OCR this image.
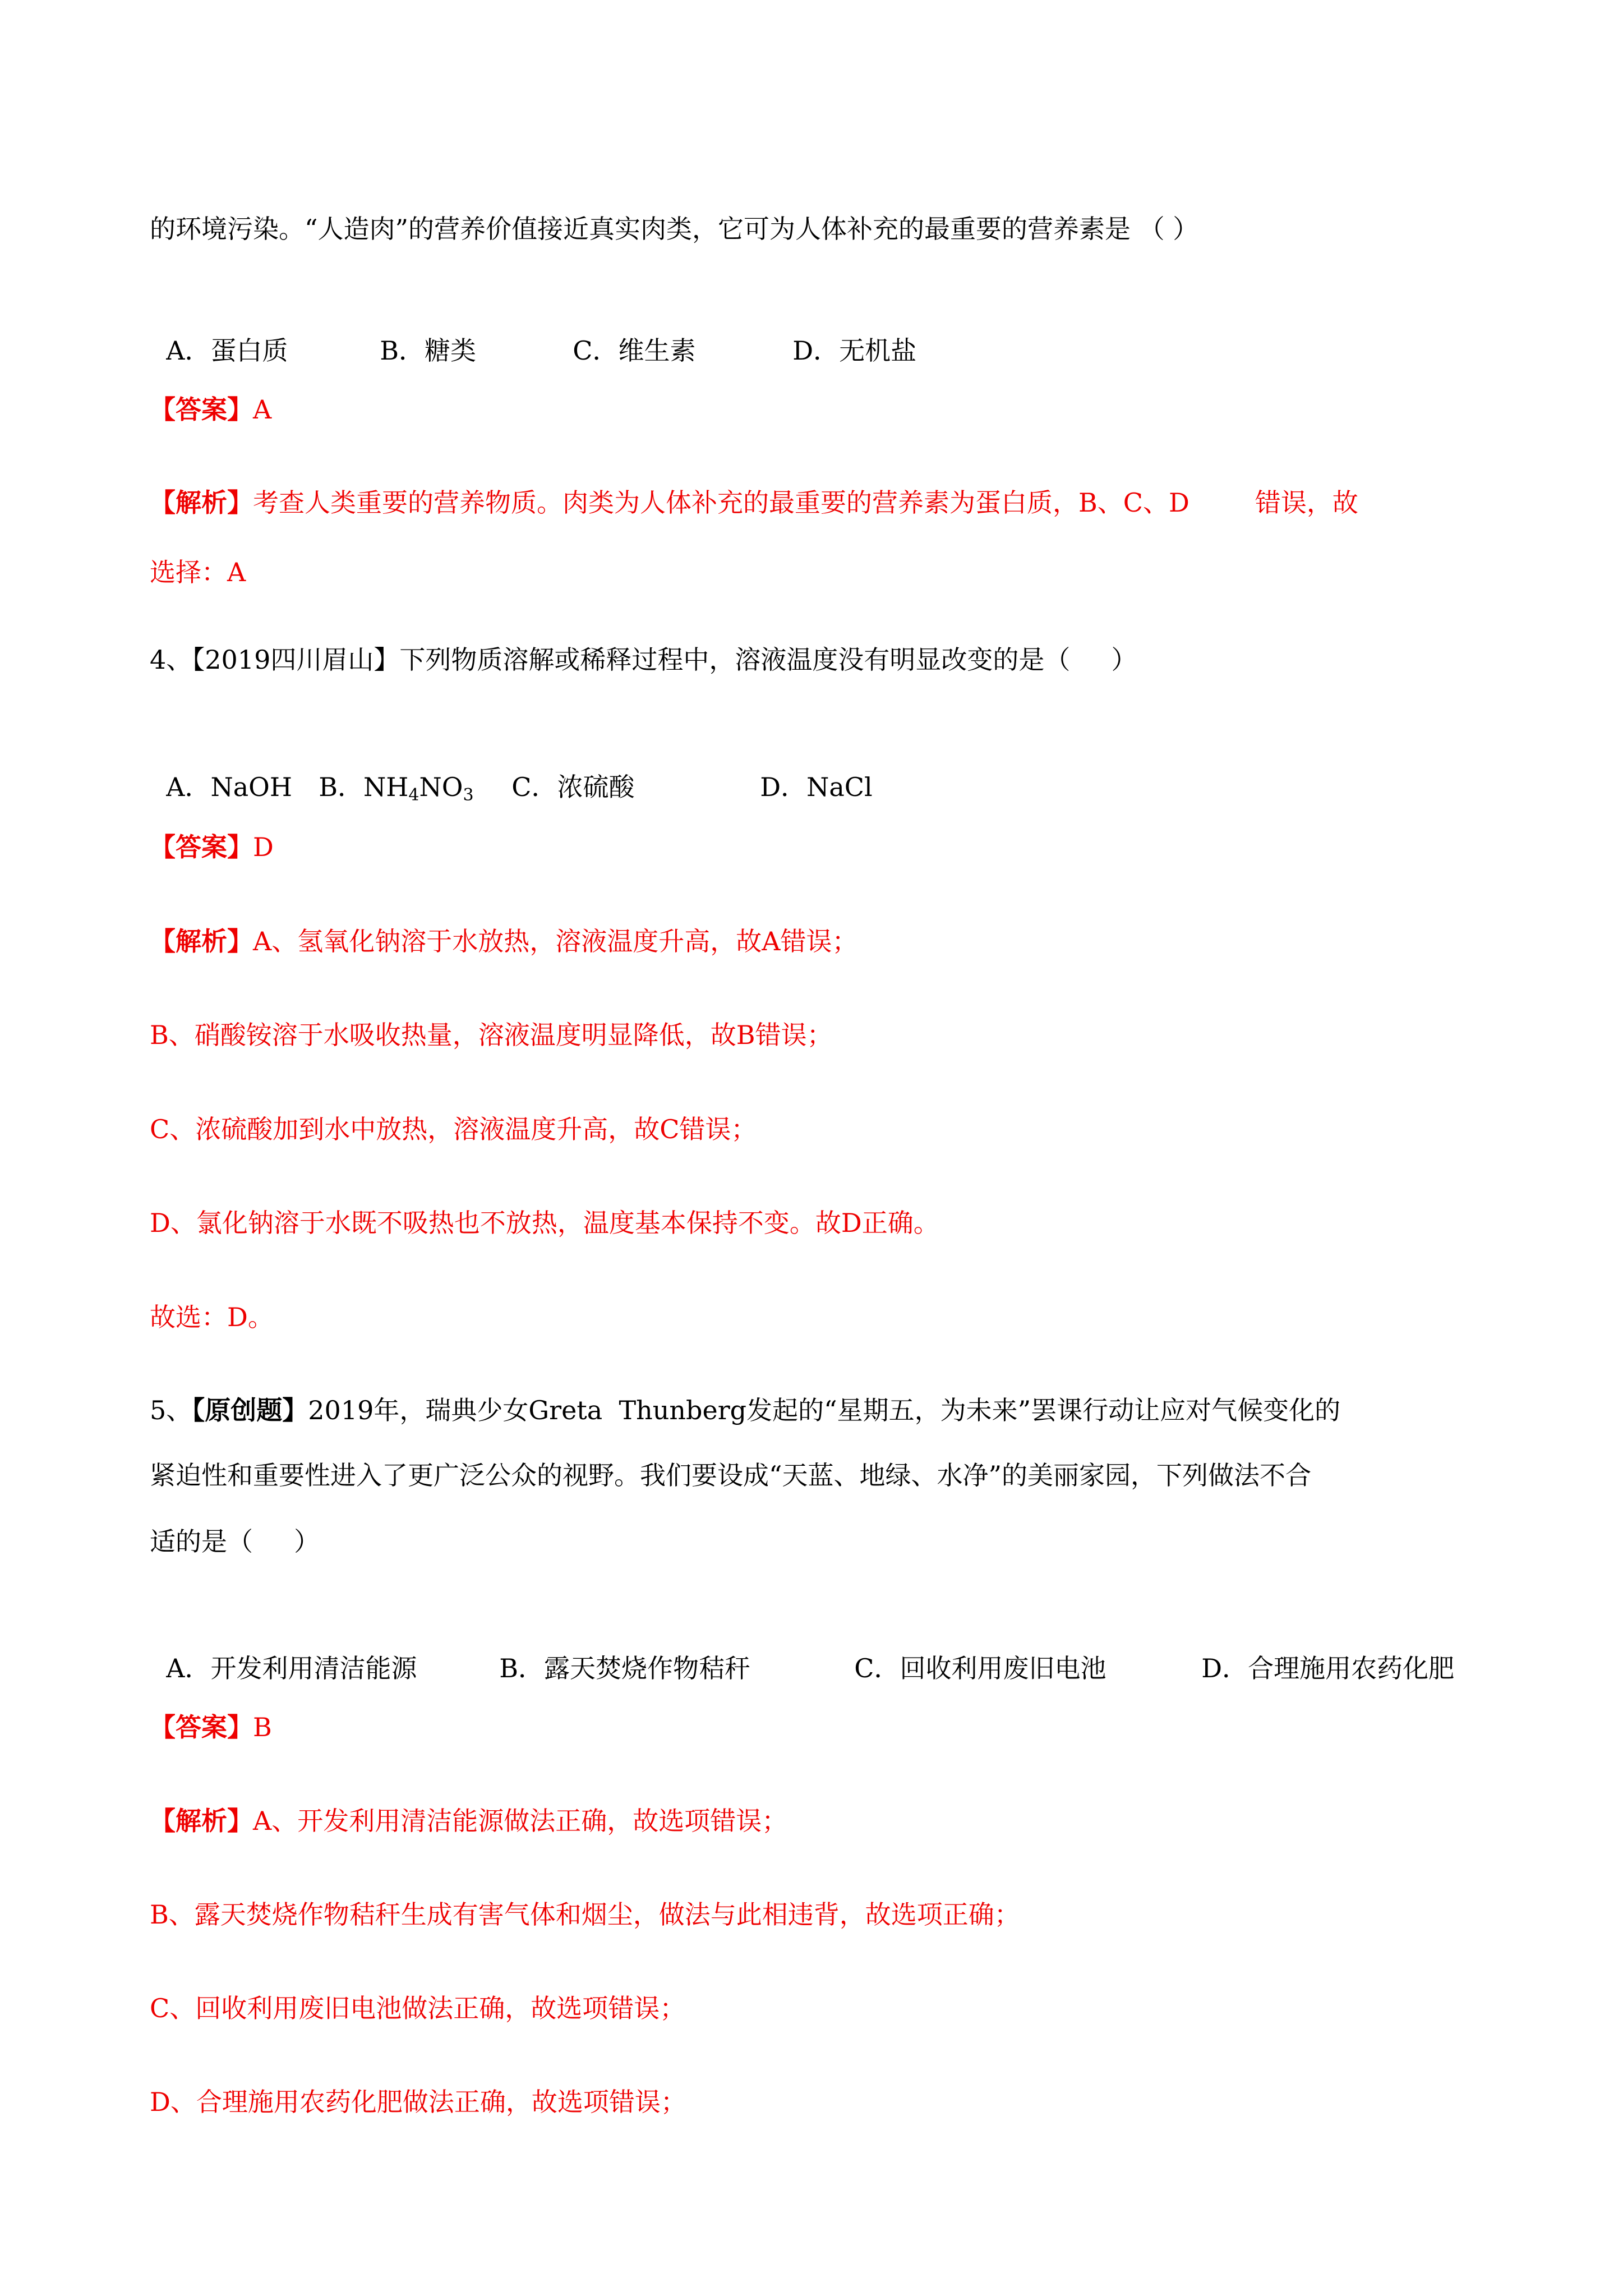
的环境污染。“人造肉”的营养价值接近真实肉类，它可为人体补充的最重要的营养素是 （ ）

A．蛋白质	B．糖类	C．维生素	D．无机盐

【答案】A
【解析】考查人类重要的营养物质。肉类为人体补充的最重要的营养素为蛋白质，B、C、D        错误，故
选择：A
4、【2019四川眉山】下列物质溶解或稀释过程中，溶液温度没有明显改变的是（     ）

A．NaOH B．$NH_4NO_3$ C．浓硫酸	D．NaCl

【答案】D
【解析】A、氢氧化钠溶于水放热，溶液温度升高，故A错误；
B、硝酸铵溶于水吸收热量，溶液温度明显降低，故B错误；
C、浓硫酸加到水中放热，溶液温度升高，故C错误；
D、氯化钠溶于水既不吸热也不放热，温度基本保持不变。故D正确。
故选：D。
5、【原创题】2019年，瑞典少女Greta  Thunberg发起的“星期五，为未来”罢课行动让应对气候变化的
紧迫性和重要性进入了更广泛公众的视野。我们要设成“天蓝、地绿、水净”的美丽家园，下列做法不合
适的是（     ）

A．开发利用清洁能源	B．露天焚烧作物秸秆	C．回收利用废旧电池	D．合理施用农药化肥

【答案】B
【解析】A、开发利用清洁能源做法正确，故选项错误；
B、露天焚烧作物秸秆生成有害气体和烟尘，做法与此相违背，故选项正确；
C、回收利用废旧电池做法正确，故选项错误；
D、合理施用农药化肥做法正确，故选项错误；
